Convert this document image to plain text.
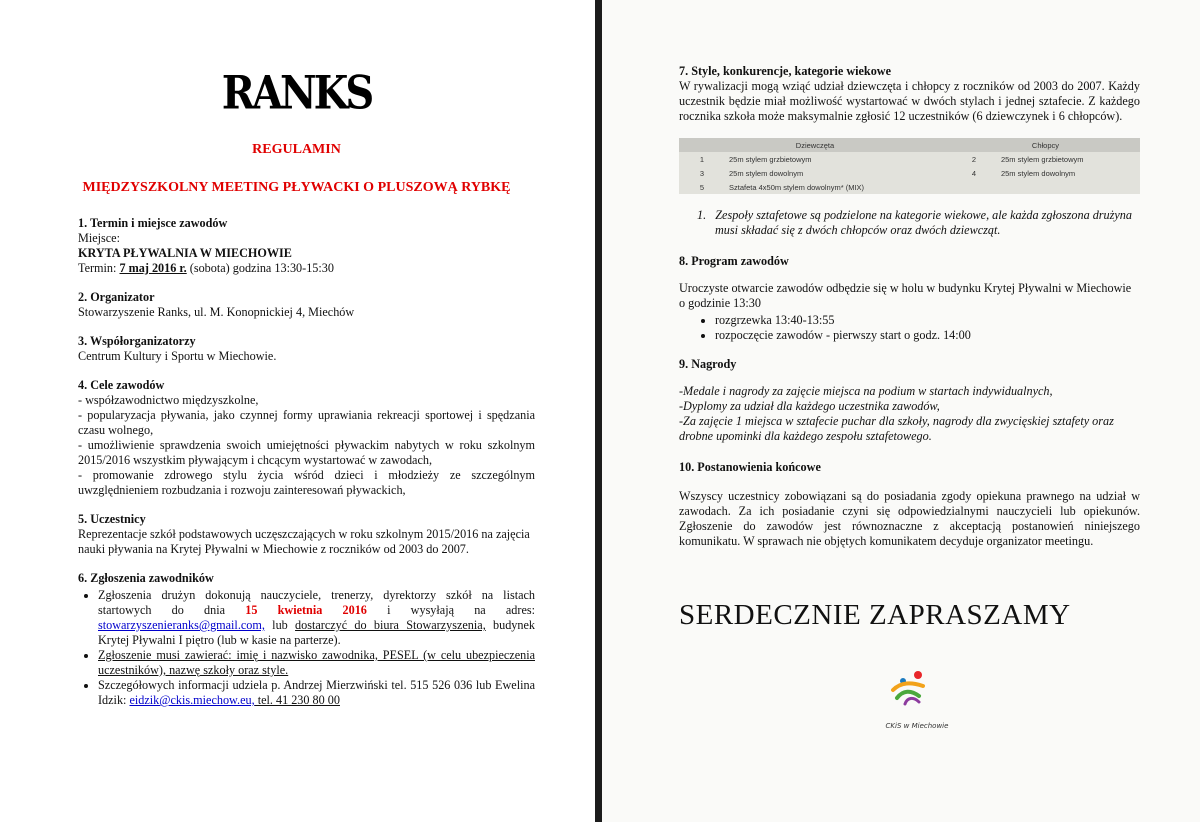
RANKS
REGULAMIN
MIĘDZYSZKOLNY MEETING PŁYWACKI O PLUSZOWĄ RYBKĘ
1. Termin i miejsce zawodów

Miejsce:

KRYTA PŁYWALNIA W MIECHOWIE

Termin: 7 maj 2016 r. (sobota) godzina 13:30-15:30

2. Organizator

Stowarzyszenie Ranks, ul. M. Konopnickiej 4, Miechów

3. Współorganizatorzy

Centrum Kultury i Sportu w Miechowie.

4. Cele zawodów

- współzawodnictwo międzyszkolne,

- popularyzacja pływania, jako czynnej formy uprawiania rekreacji sportowej i spędzania czasu wolnego,

- umożliwienie sprawdzenia swoich umiejętności pływackim nabytych w roku szkolnym 2015/2016 wszystkim pływającym i chcącym wystartować w zawodach,

- promowanie zdrowego stylu życia wśród dzieci i młodzieży ze szczególnym uwzględnieniem rozbudzania i rozwoju zainteresowań pływackich,

5. Uczestnicy

Reprezentacje szkół podstawowych uczęszczających w roku szkolnym 2015/2016 na zajęcia nauki pływania na Krytej Pływalni w Miechowie z roczników od 2003 do 2007.

6. Zgłoszenia zawodników
• Zgłoszenia drużyn dokonują nauczyciele, trenerzy, dyrektorzy szkół na listach startowych do dnia 15 kwietnia 2016 i wysyłają na adres: stowarzyszenieranks@gmail.com, lub dostarczyć do biura Stowarzyszenia, budynek Krytej Pływalni I piętro (lub w kasie na parterze).
• Zgłoszenie musi zawierać: imię i nazwisko zawodnika, PESEL (w celu ubezpieczenia uczestników), nazwę szkoły oraz style.
• Szczegółowych informacji udziela p. Andrzej Mierzwiński tel. 515 526 036 lub Ewelina Idzik: eidzik@ckis.miechow.eu, tel. 41 230 80 00
7. Style, konkurencje, kategorie wiekowe

W rywalizacji mogą wziąć udział dziewczęta i chłopcy z roczników od 2003 do 2007. Każdy uczestnik będzie miał możliwość wystartować w dwóch stylach i jednej sztafecie. Z każdego rocznika szkoła może maksymalnie zgłosić 12 uczestników (6 dziewczynek i 6 chłopców).

Dziewczęta		Chłopcy	
1	25m stylem grzbietowym	2	25m stylem grzbietowym
3	25m stylem dowolnym	4	25m stylem dowolnym
5	Sztafeta 4x50m stylem dowolnym* (MIX)		
1. Zespoły sztafetowe są podzielone na kategorie wiekowe, ale każda zgłoszona drużyna musi składać się z dwóch chłopców oraz dwóch dziewcząt.
8. Program zawodów

Uroczyste otwarcie zawodów odbędzie się w holu w budynku Krytej Pływalni w Miechowie o godzinie 13:30

• rozgrzewka 13:40-13:55
• rozpoczęcie zawodów - pierwszy start o godz. 14:00
9. Nagrody

-Medale i nagrody za zajęcie miejsca na podium w startach indywidualnych,

-Dyplomy za udział dla każdego uczestnika zawodów,

-Za zajęcie 1 miejsca w sztafecie puchar dla szkoły, nagrody dla zwycięskiej sztafety oraz drobne upominki dla każdego zespołu sztafetowego.

10. Postanowienia końcowe

Wszyscy uczestnicy zobowiązani są do posiadania zgody opiekuna prawnego na udział w zawodach. Za ich posiadanie czyni się odpowiedzialnymi nauczycieli lub opiekunów. Zgłoszenie do zawodów jest równoznaczne z akceptacją postanowień niniejszego komunikatu. W sprawach nie objętych komunikatem decyduje organizator meetingu.

SERDECZNIE ZAPRASZAMY
CKiS w Miechowie
